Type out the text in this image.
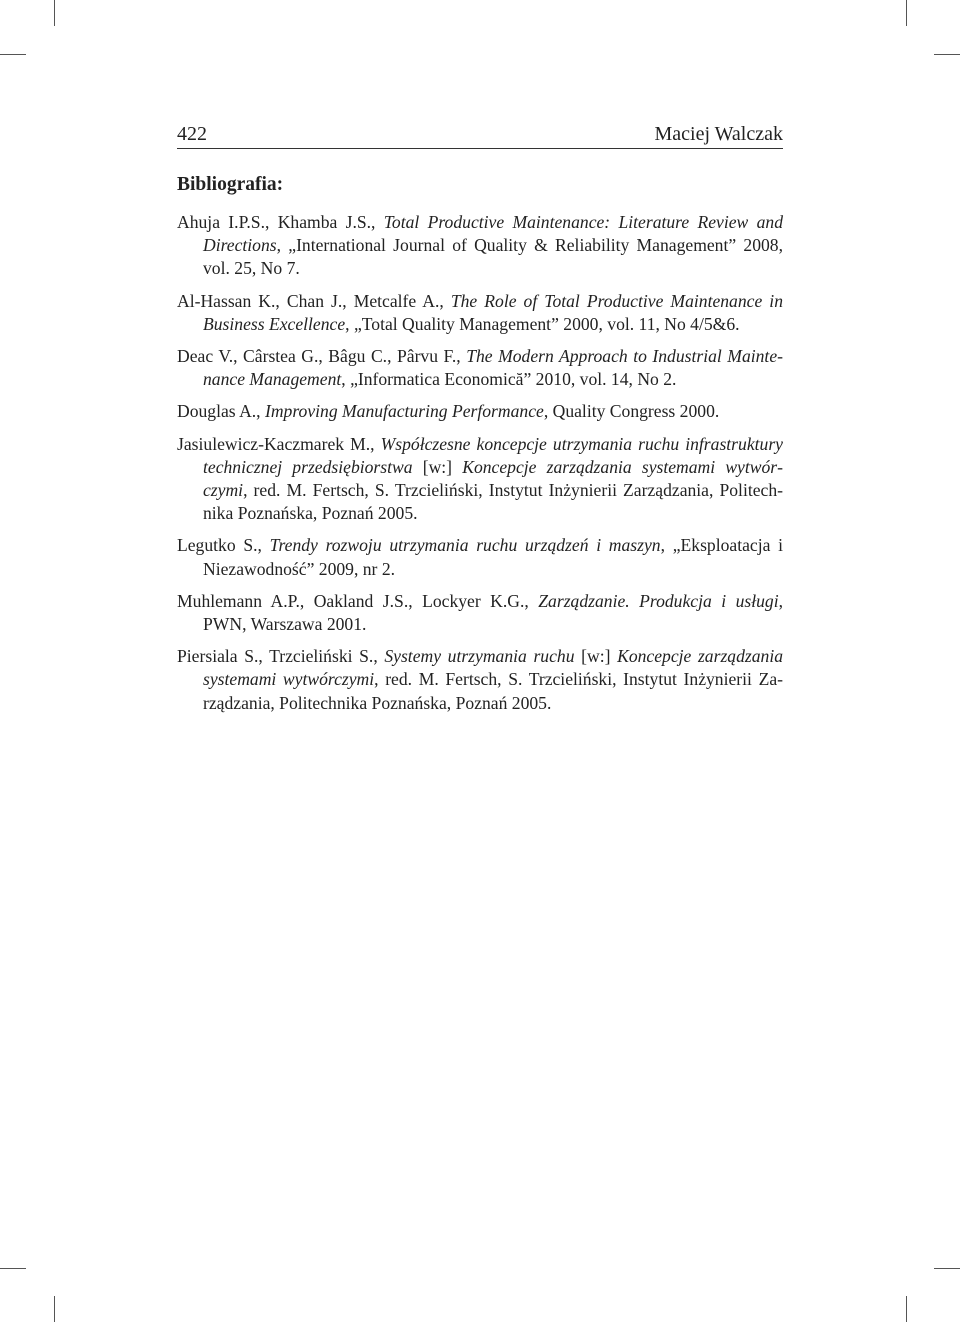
422	Maciej Walczak
Bibliografia:
Ahuja I.P.S., Khamba J.S., Total Productive Maintenance: Literature Review and Directions, „International Journal of Quality & Reliability Management” 2008, vol. 25, No 7.
Al-Hassan K., Chan J., Metcalfe A., The Role of Total Productive Maintenance in Business Excellence, „Total Quality Management” 2000, vol. 11, No 4/5&6.
Deac V., Cârstea G., Bâgu C., Pârvu F., The Modern Approach to Industrial Maintenance Management, „Informatica Economică” 2010, vol. 14, No 2.
Douglas A., Improving Manufacturing Performance, Quality Congress 2000.
Jasiulewicz-Kaczmarek M., Współczesne koncepcje utrzymania ruchu infrastruktury technicznej przedsiębiorstwa [w:] Koncepcje zarządzania systemami wytwórczymi, red. M. Fertsch, S. Trzcieliński, Instytut Inżynierii Zarządzania, Politechnika Poznańska, Poznań 2005.
Legutko S., Trendy rozwoju utrzymania ruchu urządzeń i maszyn, „Eksploatacja i Niezawodność” 2009, nr 2.
Muhlemann A.P., Oakland J.S., Lockyer K.G., Zarządzanie. Produkcja i usługi, PWN, Warszawa 2001.
Piersiala S., Trzcieliński S., Systemy utrzymania ruchu [w:] Koncepcje zarządzania systemami wytwórczymi, red. M. Fertsch, S. Trzcieliński, Instytut Inżynierii Zarządzania, Politechnika Poznańska, Poznań 2005.
